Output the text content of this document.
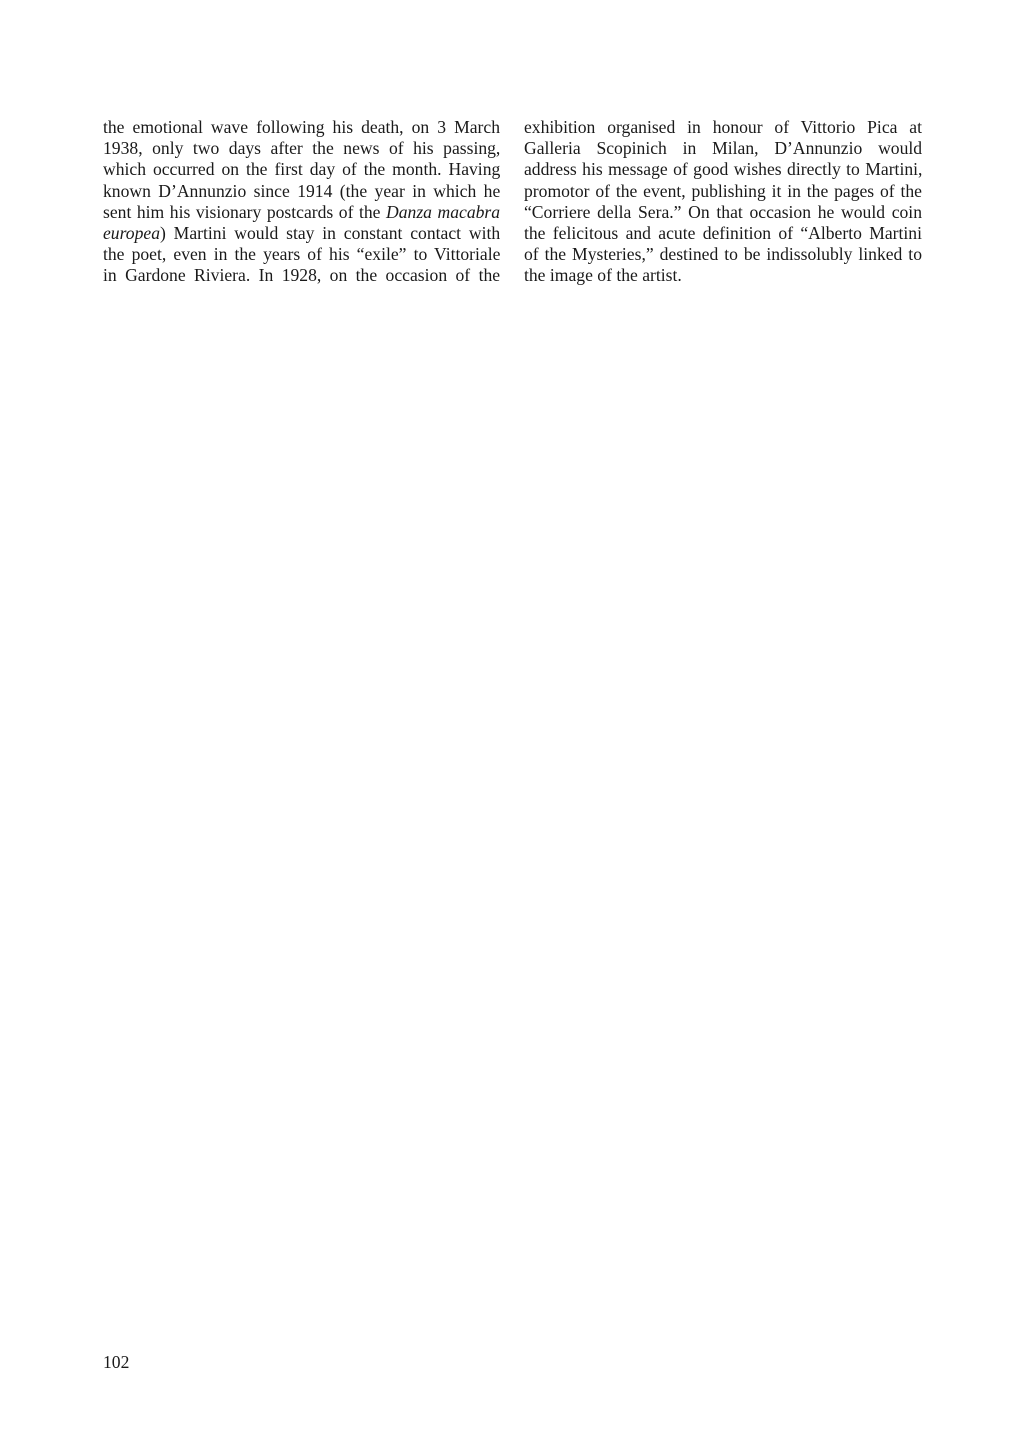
the emotional wave following his death, on 3 March
1938, only two days after the news of his passing,
which occurred on the first day of the month. Having
known D’Annunzio since 1914 (the year in which he
sent him his visionary postcards of the Danza macabra
europea) Martini would stay in constant contact with
the poet, even in the years of his “exile” to Vittoriale
in Gardone Riviera. In 1928, on the occasion of the
exhibition organised in honour of Vittorio Pica at
Galleria Scopinich in Milan, D’Annunzio would
address his message of good wishes directly to Martini,
promotor of the event, publishing it in the pages of the
“Corriere della Sera.” On that occasion he would coin
the felicitous and acute definition of “Alberto Martini
of the Mysteries,” destined to be indissolubly linked to
the image of the artist.
102
